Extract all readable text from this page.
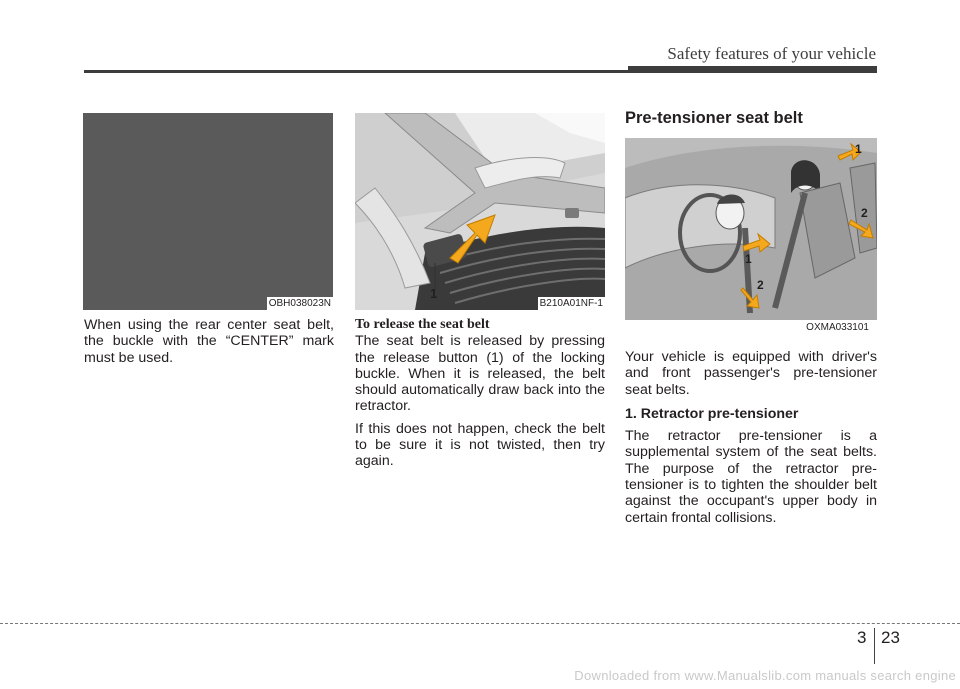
Safety features of your vehicle
OBH038023N
1
B210A01NF-1

When using the rear center seat belt, the buckle with the “CENTER” mark must be used.

To release the seat belt

The seat belt is released by pressing the release button (1) of the locking buckle. When it is released, the belt should automatically draw back into the retractor.

If this does not happen, check the belt to be sure it is not twisted, then try again.

Pre-tensioner seat belt
1
2
1
2
OXMA033101

Your vehicle is equipped with driver's and front passenger's pre-tensioner seat belts.

1. Retractor pre-tensioner

The retractor pre-tensioner is a supplemental system of the seat belts. The purpose of the retractor pre-tensioner is to tighten the shoulder belt against the occupant's upper body in certain frontal collisions.

3 23
Downloaded from www.Manualslib.com manuals search engine
